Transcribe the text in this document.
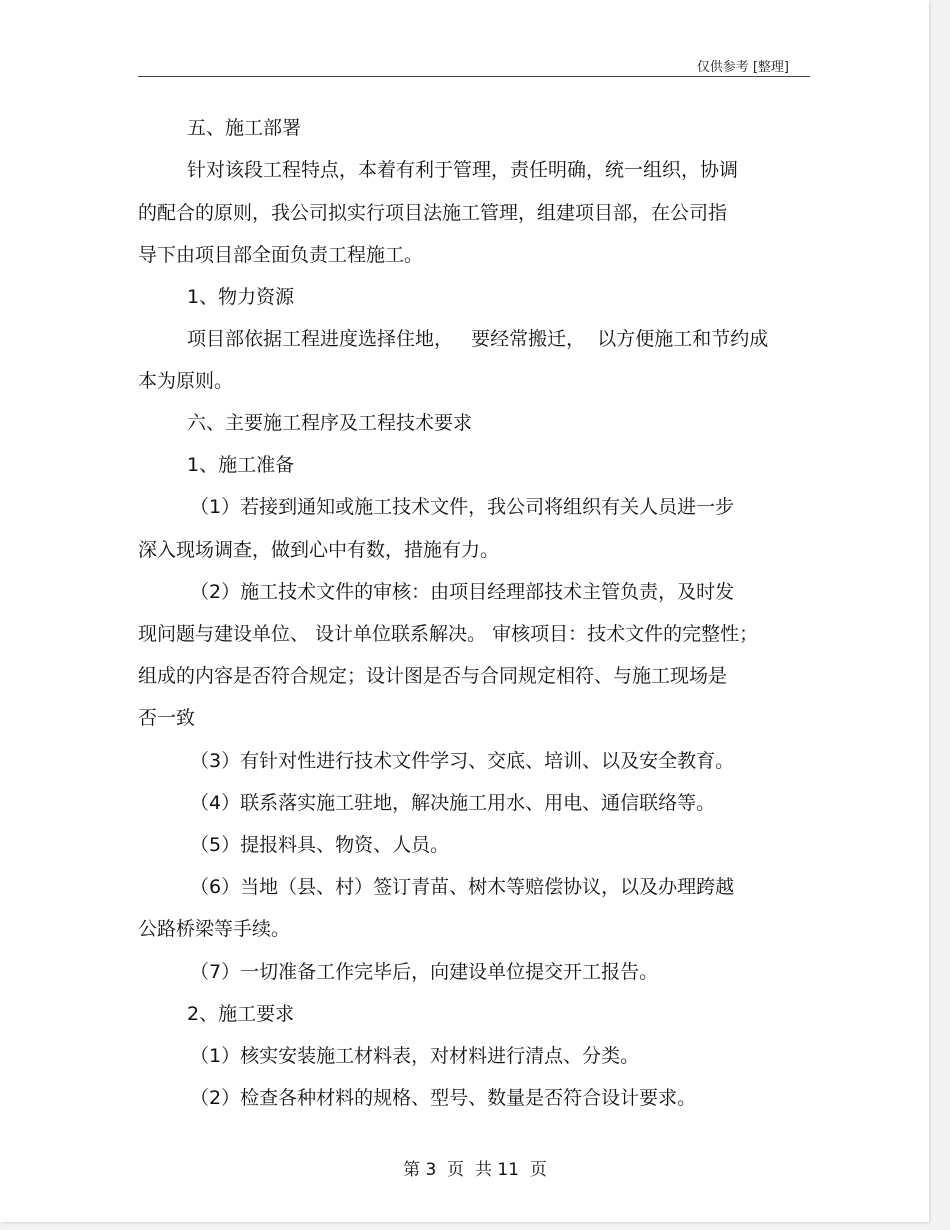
仅供参考 [整理]
五、施工部署
针对该段工程特点，本着有利于管理，责任明确，统一组织，协调
的配合的原则，我公司拟实行项目法施工管理，组建项目部，在公司指
导下由项目部全面负责工程施工。
1、物力资源
项目部依据工程进度选择住地，   要经常搬迁，  以方便施工和节约成
本为原则。
六、主要施工程序及工程技术要求
1、施工准备
（1）若接到通知或施工技术文件，我公司将组织有关人员进一步
深入现场调查，做到心中有数，措施有力。
（2）施工技术文件的审核：由项目经理部技术主管负责，及时发
现问题与建设单位、 设计单位联系解决。 审核项目：技术文件的完整性；
组成的内容是否符合规定；设计图是否与合同规定相符、与施工现场是
否一致
（3）有针对性进行技术文件学习、交底、培训、以及安全教育。
（4）联系落实施工驻地，解决施工用水、用电、通信联络等。
（5）提报料具、物资、人员。
（6）当地（县、村）签订青苗、树木等赔偿协议，以及办理跨越
公路桥梁等手续。
（7）一切准备工作完毕后，向建设单位提交开工报告。
2、施工要求
（1）核实安装施工材料表，对材料进行清点、分类。
（2）检查各种材料的规格、型号、数量是否符合设计要求。
第 3  页  共 11  页
